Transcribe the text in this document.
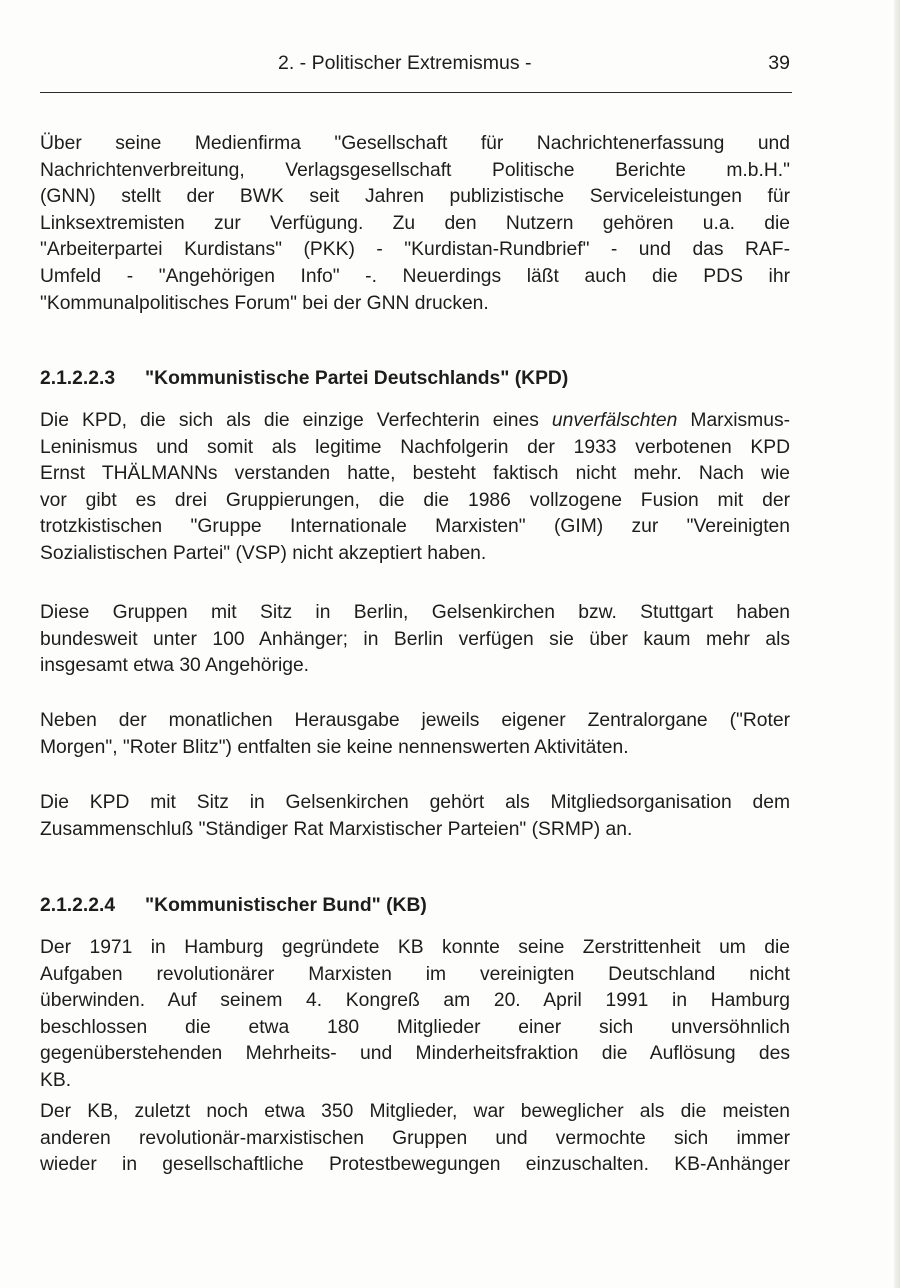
2. - Politischer Extremismus -	39

Über seine Medienfirma "Gesellschaft für Nachrichtenerfassung und
Nachrichtenverbreitung, Verlagsgesellschaft Politische Berichte m.b.H."
(GNN) stellt der BWK seit Jahren publizistische Serviceleistungen für
Linksextremisten zur Verfügung. Zu den Nutzern gehören u.a. die
"Arbeiterpartei Kurdistans" (PKK) - "Kurdistan-Rundbrief" - und das RAF-
Umfeld - "Angehörigen Info" -. Neuerdings läßt auch die PDS ihr
"Kommunalpolitisches Forum" bei der GNN drucken.

2.1.2.2.3 "Kommunistische Partei Deutschlands" (KPD)

Die KPD, die sich als die einzige Verfechterin eines unverfälschten Marxismus-
Leninismus und somit als legitime Nachfolgerin der 1933 verbotenen KPD
Ernst THÄLMANNs verstanden hatte, besteht faktisch nicht mehr. Nach wie
vor gibt es drei Gruppierungen, die die 1986 vollzogene Fusion mit der
trotzkistischen "Gruppe Internationale Marxisten" (GIM) zur "Vereinigten
Sozialistischen Partei" (VSP) nicht akzeptiert haben.

Diese Gruppen mit Sitz in Berlin, Gelsenkirchen bzw. Stuttgart haben
bundesweit unter 100 Anhänger; in Berlin verfügen sie über kaum mehr als
insgesamt etwa 30 Angehörige.

Neben der monatlichen Herausgabe jeweils eigener Zentralorgane ("Roter
Morgen", "Roter Blitz") entfalten sie keine nennenswerten Aktivitäten.

Die KPD mit Sitz in Gelsenkirchen gehört als Mitgliedsorganisation dem
Zusammenschluß "Ständiger Rat Marxistischer Parteien" (SRMP) an.

2.1.2.2.4 "Kommunistischer Bund" (KB)

Der 1971 in Hamburg gegründete KB konnte seine Zerstrittenheit um die
Aufgaben revolutionärer Marxisten im vereinigten Deutschland nicht
überwinden. Auf seinem 4. Kongreß am 20. April 1991 in Hamburg
beschlossen die etwa 180 Mitglieder einer sich unversöhnlich
gegenüberstehenden Mehrheits- und Minderheitsfraktion die Auflösung des
KB.

Der KB, zuletzt noch etwa 350 Mitglieder, war beweglicher als die meisten
anderen revolutionär-marxistischen Gruppen und vermochte sich immer
wieder in gesellschaftliche Protestbewegungen einzuschalten. KB-Anhänger
